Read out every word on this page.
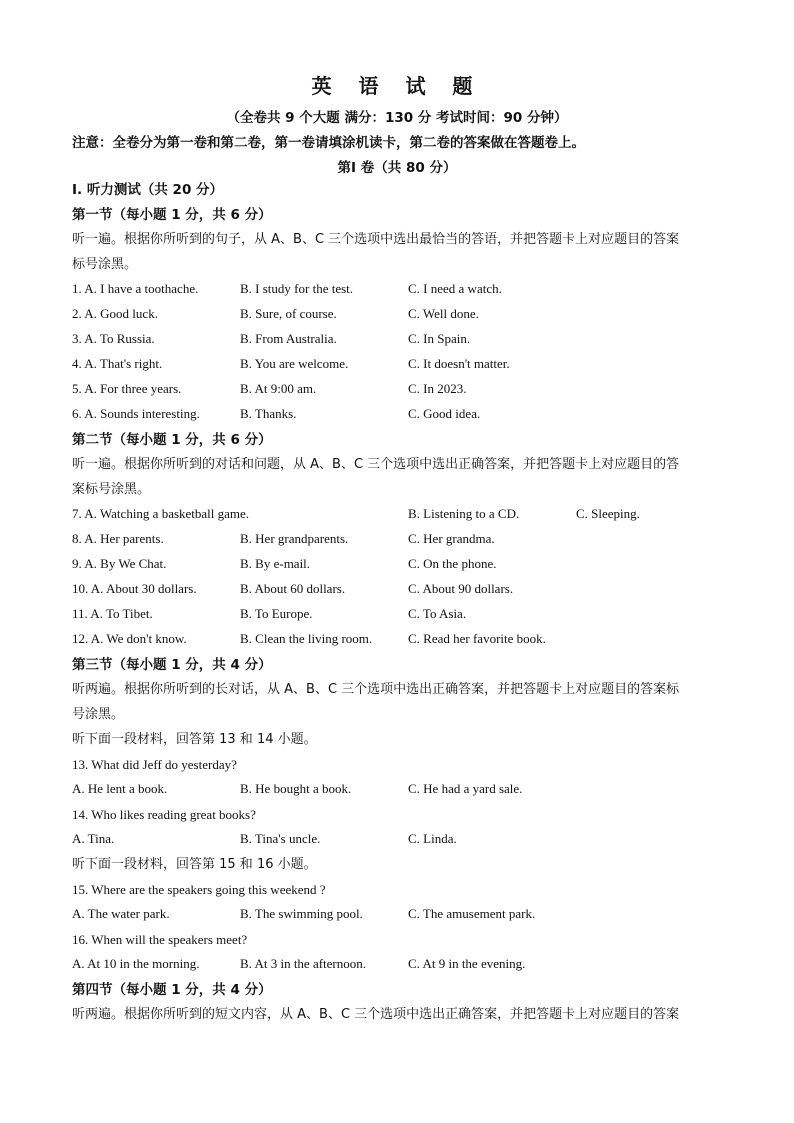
英 语 试 题
（全卷共 9 个大题 满分：130 分 考试时间：90 分钟）
注意：全卷分为第一卷和第二卷，第一卷请填涂机读卡，第二卷的答案做在答题卷上。
第Ⅰ 卷（共 80 分）
I. 听力测试（共 20 分）
第一节（每小题 1 分，共 6 分）
听一遍。根据你所听到的句子，从 A、B、C 三个选项中选出最恰当的答语，并把答题卡上对应题目的答案
标号涂黑。
1. A. I have a toothache.	B. I study for the test.	C. I need a watch.
2. A. Good luck.	B. Sure, of course.	C. Well done.
3. A. To Russia.	B. From Australia.	C. In Spain.
4. A. That's right.	B. You are welcome.	C. It doesn't matter.
5. A. For three years.	B. At 9:00 am.	C. In 2023.
6. A. Sounds interesting.	B. Thanks.	C. Good idea.
第二节（每小题 1 分，共 6 分）
听一遍。根据你所听到的对话和问题，从 A、B、C 三个选项中选出正确答案，并把答题卡上对应题目的答
案标号涂黑。
7. A. Watching a basketball game.	B. Listening to a CD.	C. Sleeping.
8. A. Her parents.	B. Her grandparents.	C. Her grandma.
9. A. By We Chat.	B. By e-mail.	C. On the phone.
10. A. About 30 dollars.	B. About 60 dollars.	C. About 90 dollars.
11. A. To Tibet.	B. To Europe.	C. To Asia.
12. A. We don't know.	B. Clean the living room.	C. Read her favorite book.
第三节（每小题 1 分，共 4 分）
听两遍。根据你所听到的长对话，从 A、B、C 三个选项中选出正确答案，并把答题卡上对应题目的答案标
号涂黑。
听下面一段材料，回答第 13 和 14 小题。
13. What did Jeff do yesterday?
A. He lent a book.	B. He bought a book.	C. He had a yard sale.
14. Who likes reading great books?
A. Tina.	B. Tina's uncle.	C. Linda.
听下面一段材料，回答第 15 和 16 小题。
15. Where are the speakers going this weekend ?
A. The water park.	B. The swimming pool.	C. The amusement park.
16. When will the speakers meet?
A. At 10 in the morning.	B. At 3 in the afternoon.	C. At 9 in the evening.
第四节（每小题 1 分，共 4 分）
听两遍。根据你所听到的短文内容，从 A、B、C 三个选项中选出正确答案，并把答题卡上对应题目的答案
